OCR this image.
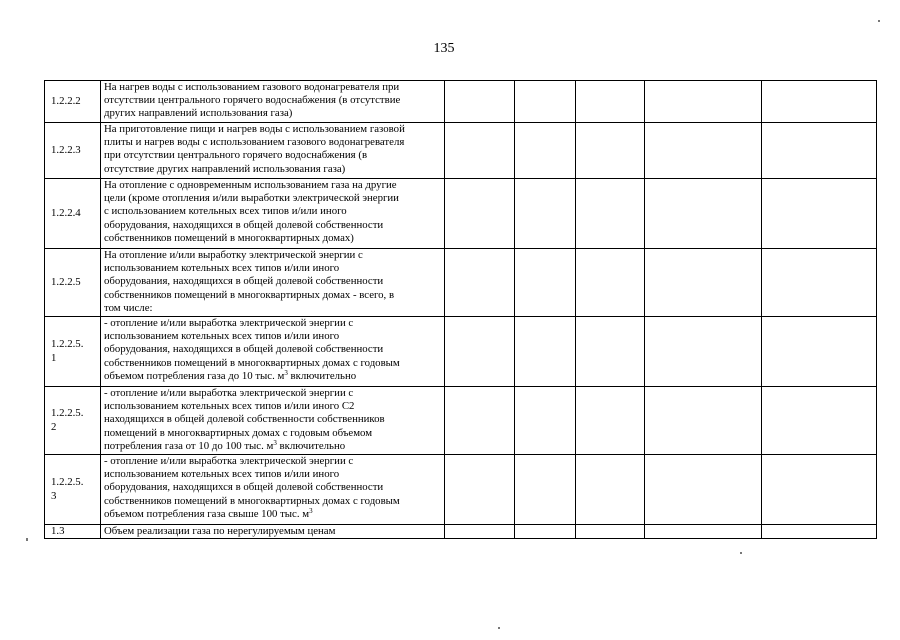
135
1.2.2.2	На нагрев воды с использованием газового водонагревателя при
отсутствии центрального горячего водоснабжения (в отсутствие
других направлений использования газа)					

1.2.2.3	На приготовление пищи и нагрев воды с использованием газовой
плиты и нагрев воды с использованием газового водонагревателя
при отсутствии центрального горячего водоснабжения (в
отсутствие других направлений использования газа)					

1.2.2.4	На отопление с одновременным использованием газа на другие
цели (кроме отопления и/или выработки электрической энергии
с использованием котельных всех типов и/или иного
оборудования, находящихся в общей долевой собственности
собственников помещений в многоквартирных домах)					

1.2.2.5	На отопление и/или выработку электрической энергии с
использованием котельных всех типов и/или иного
оборудования, находящихся в общей долевой собственности
собственников помещений в многоквартирных домах - всего, в
том числе:					

1.2.2.5.
1	- отопление и/или выработка электрической энергии с
использованием котельных всех типов и/или иного
оборудования, находящихся в общей долевой собственности
собственников помещений в многоквартирных домах с годовым
объемом потребления газа до 10 тыс. $м^3$ включительно					

1.2.2.5.
2	- отопление и/или выработка электрической энергии с
использованием котельных всех типов и/или иного С2
находящихся в общей долевой собственности собственников
помещений в многоквартирных домах с годовым объемом
потребления газа от 10 до 100 тыс. $м^3$ включительно					

1.2.2.5.
3	- отопление и/или выработка электрической энергии с
использованием котельных всех типов и/или иного
оборудования, находящихся в общей долевой собственности
собственников помещений в многоквартирных домах с годовым
объемом потребления газа свыше 100 тыс. $м^3$

1.3	Объем реализации газа по нерегулируемым ценам					
